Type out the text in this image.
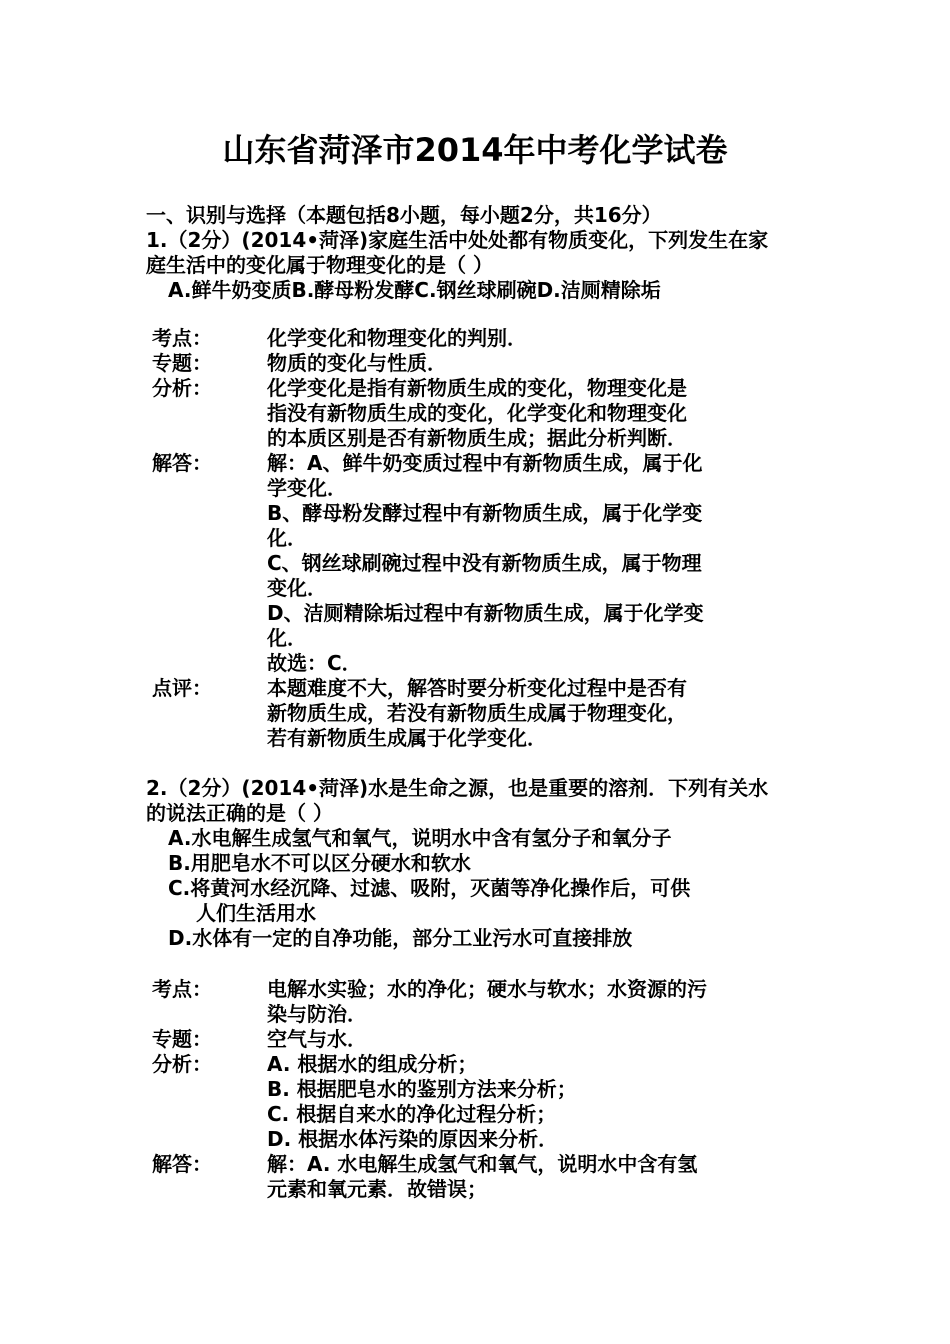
山东省菏泽市2014年中考化学试卷
一、识别与选择（本题包括8小题，每小题2分，共16分）
1.（2分）(2014•菏泽)家庭生活中处处都有物质变化，下列发生在家
庭生活中的变化属于物理变化的是（ ）
A.鲜牛奶变质B.酵母粉发酵C.钢丝球刷碗D.洁厕精除垢
考点：	化学变化和物理变化的判别．
专题：	物质的变化与性质．
分析：	化学变化是指有新物质生成的变化，物理变化是
指没有新物质生成的变化，化学变化和物理变化
的本质区别是否有新物质生成；据此分析判断．
解答：	解：A、鲜牛奶变质过程中有新物质生成，属于化
学变化．
B、酵母粉发酵过程中有新物质生成，属于化学变
化．
C、钢丝球刷碗过程中没有新物质生成，属于物理
变化．
D、洁厕精除垢过程中有新物质生成，属于化学变
化．
故选：C．
点评：	本题难度不大，解答时要分析变化过程中是否有
新物质生成，若没有新物质生成属于物理变化，
若有新物质生成属于化学变化．
2.（2分）(2014•菏泽)水是生命之源，也是重要的溶剂．下列有关水
的说法正确的是（ ）
A.水电解生成氢气和氧气，说明水中含有氢分子和氧分子
B.用肥皂水不可以区分硬水和软水
C.将黄河水经沉降、过滤、吸附，灭菌等净化操作后，可供
人们生活用水
D.水体有一定的自净功能，部分工业污水可直接排放
考点：	电解水实验；水的净化；硬水与软水；水资源的污
染与防治．
专题：	空气与水．
分析：	A. 根据水的组成分析；
B. 根据肥皂水的鉴别方法来分析；
C. 根据自来水的净化过程分析；
D. 根据水体污染的原因来分析．
解答：	解：A. 水电解生成氢气和氧气，说明水中含有氢
元素和氧元素．故错误；
